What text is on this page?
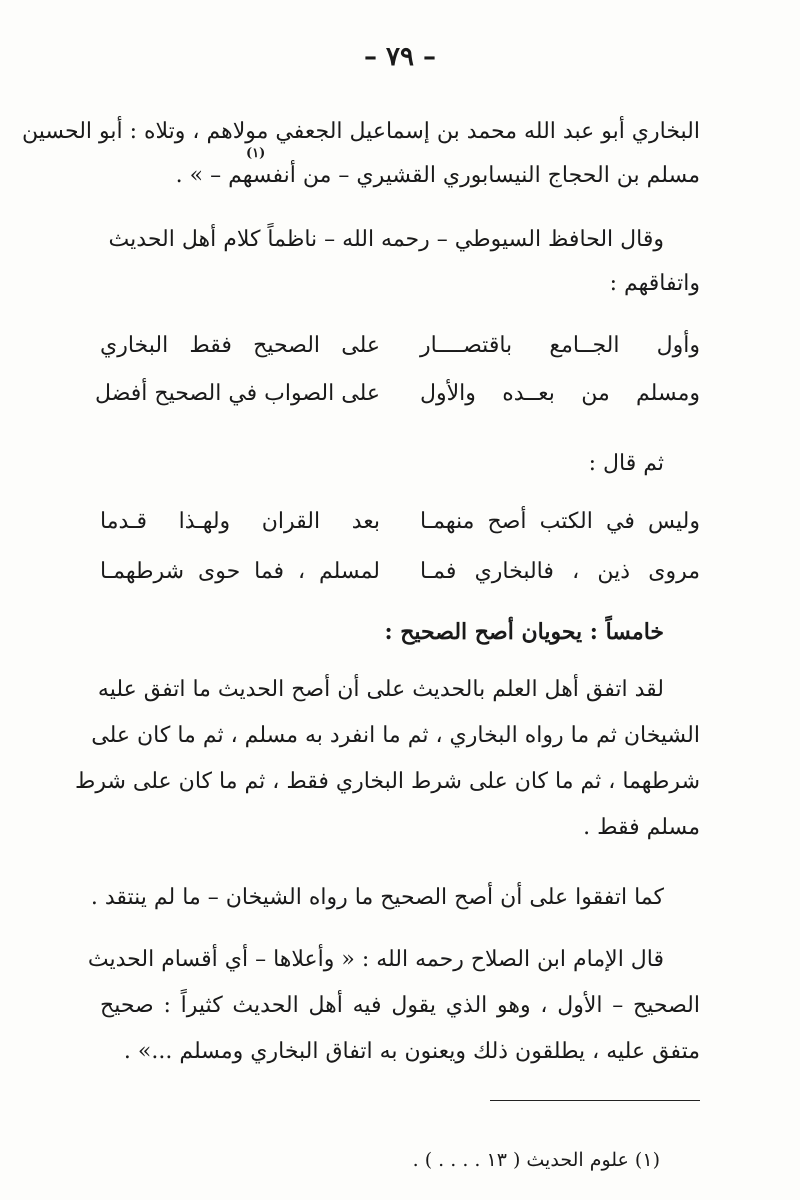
– ٧٩ –
البخاري أبو عبد الله محمد بن إسماعيل الجعفي مولاهم ، وتلاه : أبو الحسين
مسلم بن الحجاج النيسابوري القشيري – من أنفسهم – » .
(١)
وقال الحافظ السيوطي – رحمه الله – ناظماً كلام أهل الحديث
واتفاقهم :
وأول الجــامع باقتصــــار
على الصحيح فقط البخاري
ومسلم من بعــده والأول
على الصواب في الصحيح أفضل
ثم قال :
وليس في الكتب أصح منهمـا
بعد القران ولهـذا قـدما
مروى ذين ، فالبخاري فمـا
لمسلم ، فما حوى شرطهمـا
خامساً : يحويان أصح الصحيح :
لقد اتفق أهل العلم بالحديث على أن أصح الحديث ما اتفق عليه
الشيخان ثم ما رواه البخاري ، ثم ما انفرد به مسلم ، ثم ما كان على
شرطهما ، ثم ما كان على شرط البخاري فقط ، ثم ما كان على شرط
مسلم فقط .
كما اتفقوا على أن أصح الصحيح ما رواه الشيخان – ما لم ينتقد .
قال الإمام ابن الصلاح رحمه الله : « وأعلاها – أي أقسام الحديث
الصحيح – الأول ، وهو الذي يقول فيه أهل الحديث كثيراً : صحيح
متفق عليه ، يطلقون ذلك ويعنون به اتفاق البخاري ومسلم ...» .
(١) علوم الحديث ( ١٣ . . . . ) .
